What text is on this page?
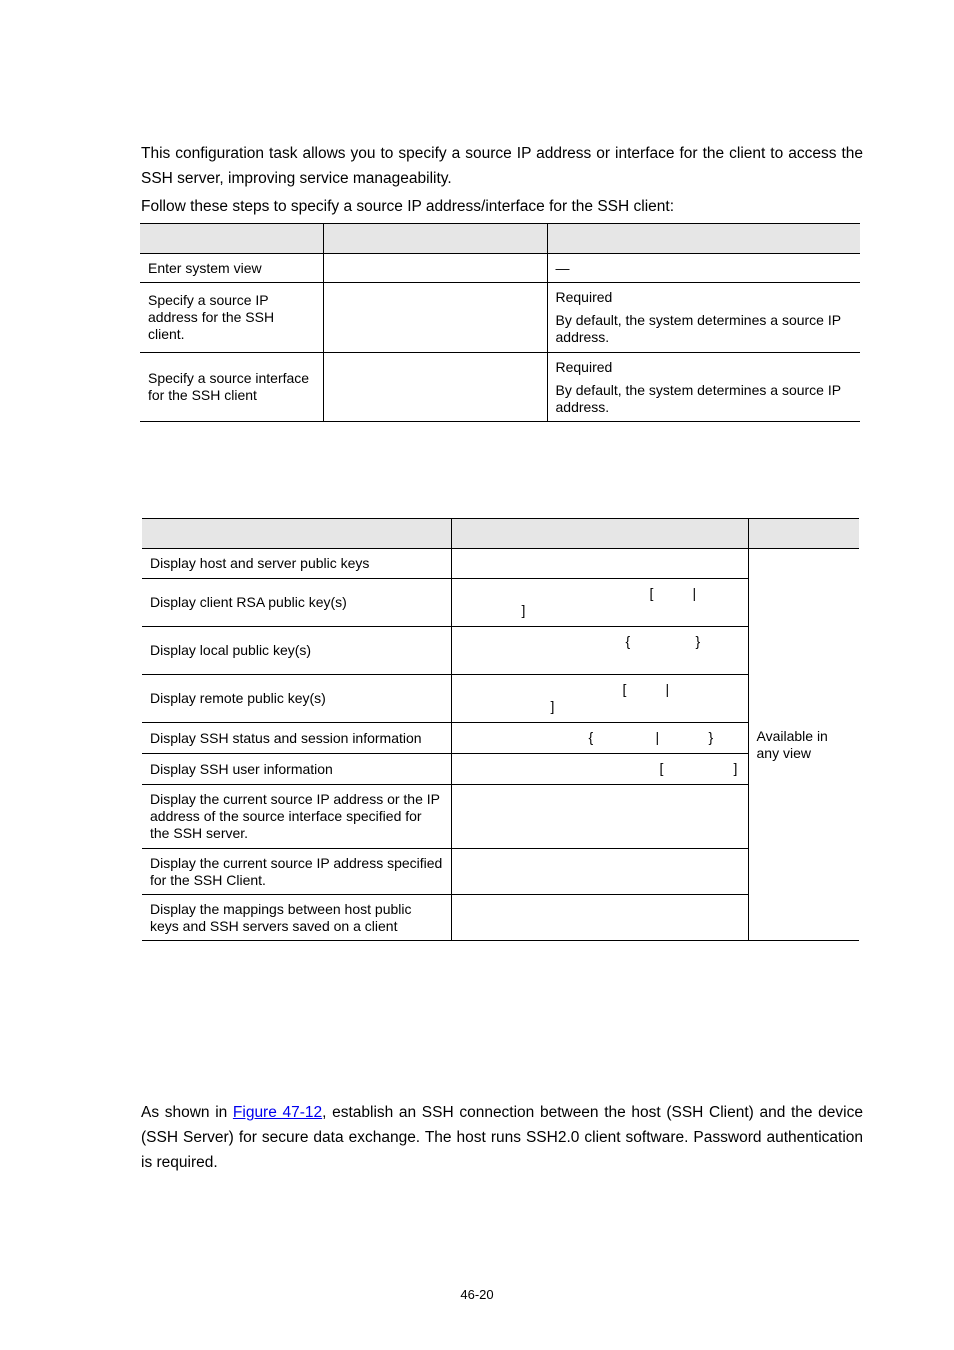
This configuration task allows you to specify a source IP address or interface for the client to access the SSH server, improving service manageability.

Follow these steps to specify a source IP address/interface for the SSH client:

Enter system view		—
Specify a source IP address for the SSH client.		Required

By default, the system determines a source IP address.

Specify a source interface for the SSH client		Required

By default, the system determines a source IP address.

Display host and server public keys		Available in any view
Display client RSA public key(s)	[ |
]	

Display local public key(s)	{ }	

Display remote public key(s)	[ |
]	

Display SSH status and session information	{ | }	

Display SSH user information	[ ]	

Display the current source IP address or the IP address of the source interface specified for the SSH server.		
Display the current source IP address specified for the SSH Client.		
Display the mappings between host public keys and SSH servers saved on a client		

As shown in Figure 47-12, establish an SSH connection between the host (SSH Client) and the device (SSH Server) for secure data exchange. The host runs SSH2.0 client software. Password authentication is required.

46-20
